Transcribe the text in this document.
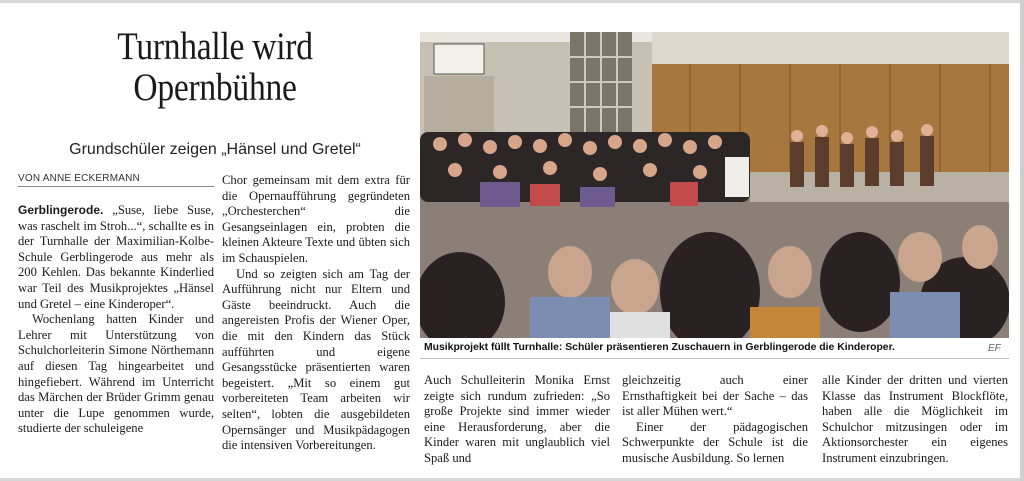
Turnhalle wird
Opernbühne

Grundschüler zeigen „Hänsel und Gretel“

VON ANNE ECKERMANN

Gerblingerode. „Suse, liebe Suse, was raschelt im Stroh...“, schallte es in der Turnhalle der Maximilian-Kolbe-Schule Gerblingerode aus mehr als 200 Kehlen. Das bekannte Kinderlied war Teil des Musikprojektes „Hänsel und Gretel – eine Kinderoper“.

Wochenlang hatten Kinder und Lehrer mit Unterstützung von Schulchorleiterin Simone Nörthemann auf diesen Tag hingearbeitet und hingefiebert. Während im Unterricht das Märchen der Brüder Grimm genau unter die Lupe genommen wurde, studierte der schuleigene

Chor gemeinsam mit dem extra für die Opernaufführung gegründeten „Orchesterchen“ die Gesangseinlagen ein, probten die kleinen Akteure Texte und übten sich im Schauspielen.

Und so zeigten sich am Tag der Aufführung nicht nur Eltern und Gäste beeindruckt. Auch die angereisten Profis der Wiener Oper, die mit den Kindern das Stück aufführten und eigene Gesangsstücke präsentierten waren begeistert. „Mit so einem gut vorbereiteten Team arbeiten wir selten“, lobten die ausgebildeten Opernsänger und Musikpädagogen die intensiven Vorbereitungen.

Musikprojekt füllt Turnhalle: Schüler präsentieren Zuschauern in Gerblingerode die Kinderoper.	EF

Auch Schulleiterin Monika Ernst zeigte sich rundum zufrieden: „So große Projekte sind immer wieder eine Herausforderung, aber die Kinder waren mit unglaublich viel Spaß und

gleichzeitig auch einer Ernsthaftigkeit bei der Sache – das ist aller Mühen wert.“

Einer der pädagogischen Schwerpunkte der Schule ist die musische Ausbildung. So lernen

alle Kinder der dritten und vierten Klasse das Instrument Blockflöte, haben alle die Möglichkeit im Schulchor mitzusingen oder im Aktionsorchester ein eigenes Instrument einzubringen.
